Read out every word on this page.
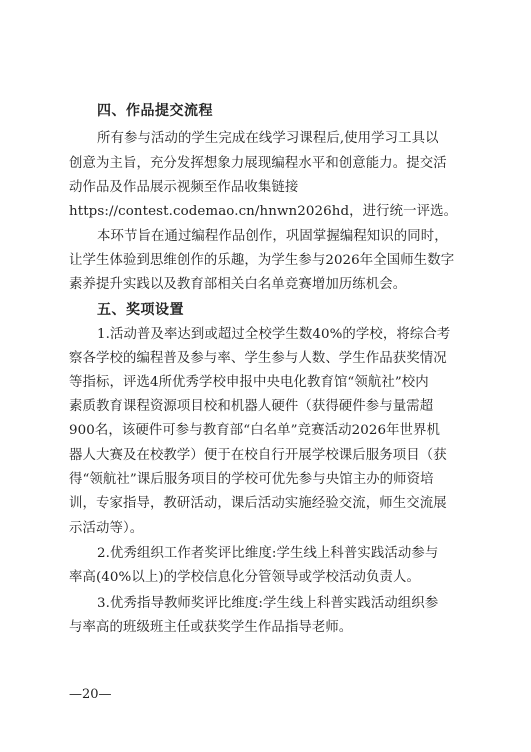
四、作品提交流程
所有参与活动的学生完成在线学习课程后,使用学习工具以
创意为主旨，充分发挥想象力展现编程水平和创意能力。提交活
动作品及作品展示视频至作品收集链接
https://contest.codemao.cn/hnwn2026hd，进行统一评选。
本环节旨在通过编程作品创作，巩固掌握编程知识的同时，
让学生体验到思维创作的乐趣，为学生参与2026年全国师生数字
素养提升实践以及教育部相关白名单竞赛增加历练机会。
五、奖项设置
1.活动普及率达到或超过全校学生数40%的学校，将综合考
察各学校的编程普及参与率、学生参与人数、学生作品获奖情况
等指标，评选4所优秀学校申报中央电化教育馆“领航社”校内
素质教育课程资源项目校和机器人硬件（获得硬件参与量需超
900名，该硬件可参与教育部“白名单”竞赛活动2026年世界机
器人大赛及在校教学）便于在校自行开展学校课后服务项目（获
得“领航社”课后服务项目的学校可优先参与央馆主办的师资培
训，专家指导，教研活动，课后活动实施经验交流，师生交流展
示活动等）。
2.优秀组织工作者奖评比维度:学生线上科普实践活动参与
率高(40%以上)的学校信息化分管领导或学校活动负责人。
3.优秀指导教师奖评比维度:学生线上科普实践活动组织参
与率高的班级班主任或获奖学生作品指导老师。
—20—
